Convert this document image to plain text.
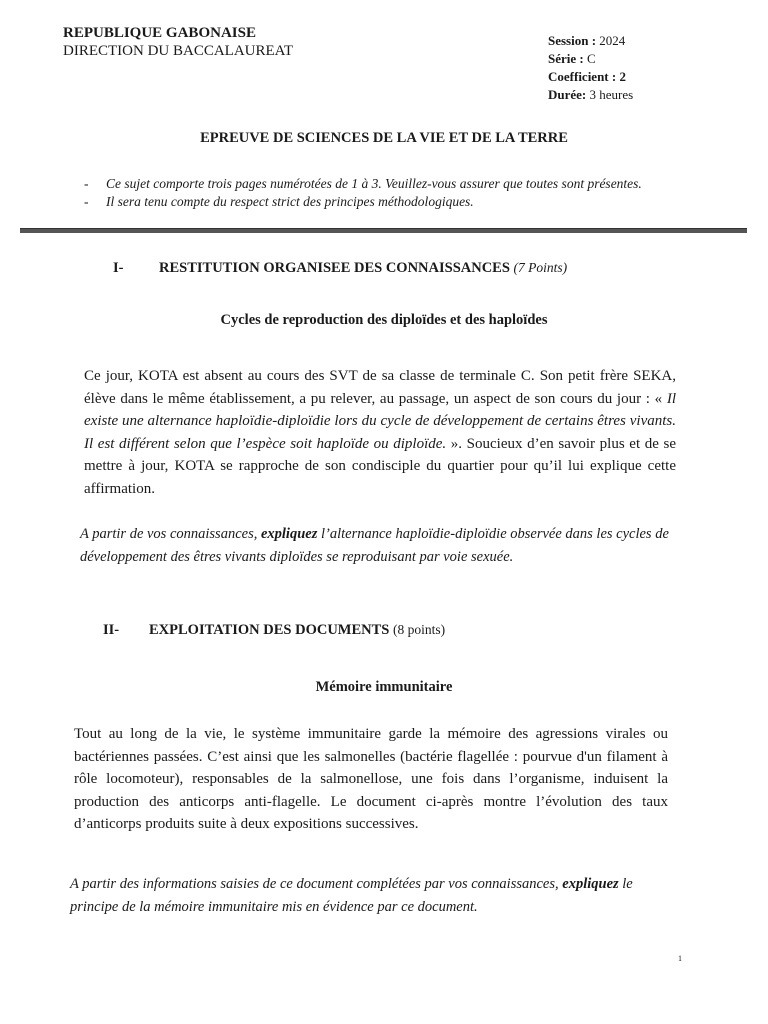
REPUBLIQUE GABONAISE
DIRECTION DU BACCALAUREAT
Session : 2024
Série : C
Coefficient : 2
Durée: 3 heures
EPREUVE DE SCIENCES DE LA VIE ET DE LA TERRE
- Ce sujet comporte trois pages numérotées de 1 à 3. Veuillez-vous assurer que toutes sont présentes.
- Il sera tenu compte du respect strict des principes méthodologiques.
I- RESTITUTION ORGANISEE DES CONNAISSANCES (7 Points)
Cycles de reproduction des diploïdes et des haploïdes
Ce jour, KOTA est absent au cours des SVT de sa classe de terminale C. Son petit frère SEKA, élève dans le même établissement, a pu relever, au passage, un aspect de son cours du jour : « Il existe une alternance haploïdie-diploïdie lors du cycle de développement de certains êtres vivants. Il est différent selon que l’espèce soit haploïde ou diploïde. ». Soucieux d’en savoir plus et de se mettre à jour, KOTA se rapproche de son condisciple du quartier pour qu’il lui explique cette affirmation.
A partir de vos connaissances, expliquez l’alternance haploïdie-diploïdie observée dans les cycles de développement des êtres vivants diploïdes se reproduisant par voie sexuée.
II- EXPLOITATION DES DOCUMENTS (8 points)
Mémoire immunitaire
Tout au long de la vie, le système immunitaire garde la mémoire des agressions virales ou bactériennes passées. C’est ainsi que les salmonelles (bactérie flagellée : pourvue d'un filament à rôle locomoteur), responsables de la salmonellose, une fois dans l’organisme, induisent la production des anticorps anti-flagelle. Le document ci-après montre l’évolution des taux d’anticorps produits suite à deux expositions successives.
A partir des informations saisies de ce document complétées par vos connaissances, expliquez le principe de la mémoire immunitaire mis en évidence par ce document.
1
